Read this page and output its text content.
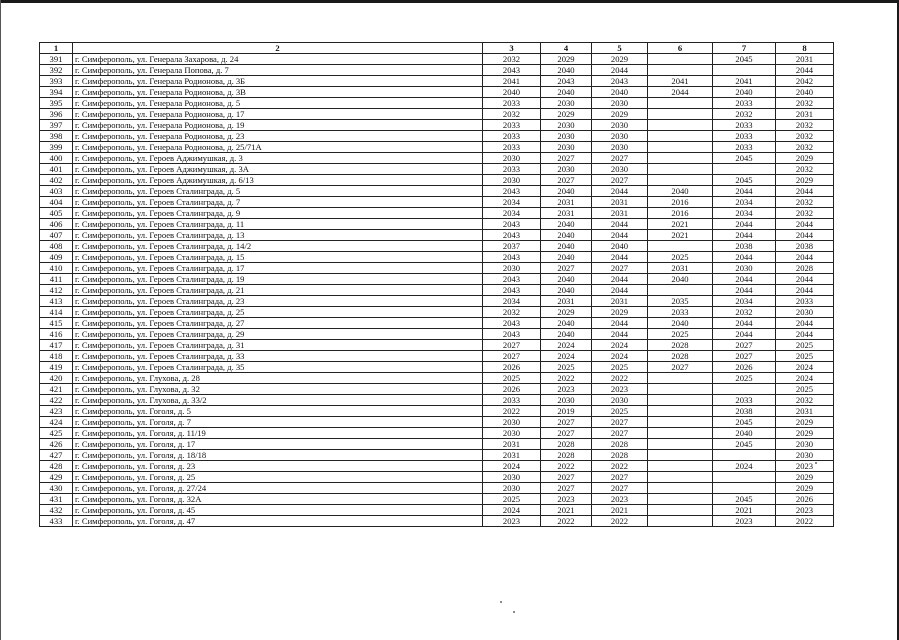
1	2	3	4	5	6	7	8
391	г. Симферополь, ул. Генерала Захарова, д. 24	2032	2029	2029		2045	2031
392	г. Симферополь, ул. Генерала Попова, д. 7	2043	2040	2044			2044
393	г. Симферополь, ул. Генерала Родионова, д. 3Б	2041	2043	2043	2041	2041	2042
394	г. Симферополь, ул. Генерала Родионова, д. 3В	2040	2040	2040	2044	2040	2040
395	г. Симферополь, ул. Генерала Родионова, д. 5	2033	2030	2030		2033	2032
396	г. Симферополь, ул. Генерала Родионова, д. 17	2032	2029	2029		2032	2031
397	г. Симферополь, ул. Генерала Родионова, д. 19	2033	2030	2030		2033	2032
398	г. Симферополь, ул. Генерала Родионова, д. 23	2033	2030	2030		2033	2032
399	г. Симферополь, ул. Генерала Родионова, д. 25/71А	2033	2030	2030		2033	2032
400	г. Симферополь, ул. Героев Аджимушкая, д. 3	2030	2027	2027		2045	2029
401	г. Симферополь, ул. Героев Аджимушкая, д. 3А	2033	2030	2030			2032
402	г. Симферополь, ул. Героев Аджимушкая, д. 6/13	2030	2027	2027		2045	2029
403	г. Симферополь, ул. Героев Сталинграда, д. 5	2043	2040	2044	2040	2044	2044
404	г. Симферополь, ул. Героев Сталинграда, д. 7	2034	2031	2031	2016	2034	2032
405	г. Симферополь, ул. Героев Сталинграда, д. 9	2034	2031	2031	2016	2034	2032
406	г. Симферополь, ул. Героев Сталинграда, д. 11	2043	2040	2044	2021	2044	2044
407	г. Симферополь, ул. Героев Сталинграда, д. 13	2043	2040	2044	2021	2044	2044
408	г. Симферополь, ул. Героев Сталинграда, д. 14/2	2037	2040	2040		2038	2038
409	г. Симферополь, ул. Героев Сталинграда, д. 15	2043	2040	2044	2025	2044	2044
410	г. Симферополь, ул. Героев Сталинграда, д. 17	2030	2027	2027	2031	2030	2028
411	г. Симферополь, ул. Героев Сталинграда, д. 19	2043	2040	2044	2040	2044	2044
412	г. Симферополь, ул. Героев Сталинграда, д. 21	2043	2040	2044		2044	2044
413	г. Симферополь, ул. Героев Сталинграда, д. 23	2034	2031	2031	2035	2034	2033
414	г. Симферополь, ул. Героев Сталинграда, д. 25	2032	2029	2029	2033	2032	2030
415	г. Симферополь, ул. Героев Сталинграда, д. 27	2043	2040	2044	2040	2044	2044
416	г. Симферополь, ул. Героев Сталинграда, д. 29	2043	2040	2044	2025	2044	2044
417	г. Симферополь, ул. Героев Сталинграда, д. 31	2027	2024	2024	2028	2027	2025
418	г. Симферополь, ул. Героев Сталинграда, д. 33	2027	2024	2024	2028	2027	2025
419	г. Симферополь, ул. Героев Сталинграда, д. 35	2026	2025	2025	2027	2026	2024
420	г. Симферополь, ул. Глухова, д. 28	2025	2022	2022		2025	2024
421	г. Симферополь, ул. Глухова, д. 32	2026	2023	2023			2025
422	г. Симферополь, ул. Глухова, д. 33/2	2033	2030	2030		2033	2032
423	г. Симферополь, ул. Гоголя, д. 5	2022	2019	2025		2038	2031
424	г. Симферополь, ул. Гоголя, д. 7	2030	2027	2027		2045	2029
425	г. Симферополь, ул. Гоголя, д. 11/19	2030	2027	2027		2040	2029
426	г. Симферополь, ул. Гоголя, д. 17	2031	2028	2028		2045	2030
427	г. Симферополь, ул. Гоголя, д. 18/18	2031	2028	2028			2030
428	г. Симферополь, ул. Гоголя, д. 23	2024	2022	2022		2024	2023
429	г. Симферополь, ул. Гоголя, д. 25	2030	2027	2027			2029
430	г. Симферополь, ул. Гоголя, д. 27/24	2030	2027	2027			2029
431	г. Симферополь, ул. Гоголя, д. 32А	2025	2023	2023		2045	2026
432	г. Симферополь, ул. Гоголя, д. 45	2024	2021	2021		2021	2023
433	г. Симферополь, ул. Гоголя, д. 47	2023	2022	2022		2023	2022
